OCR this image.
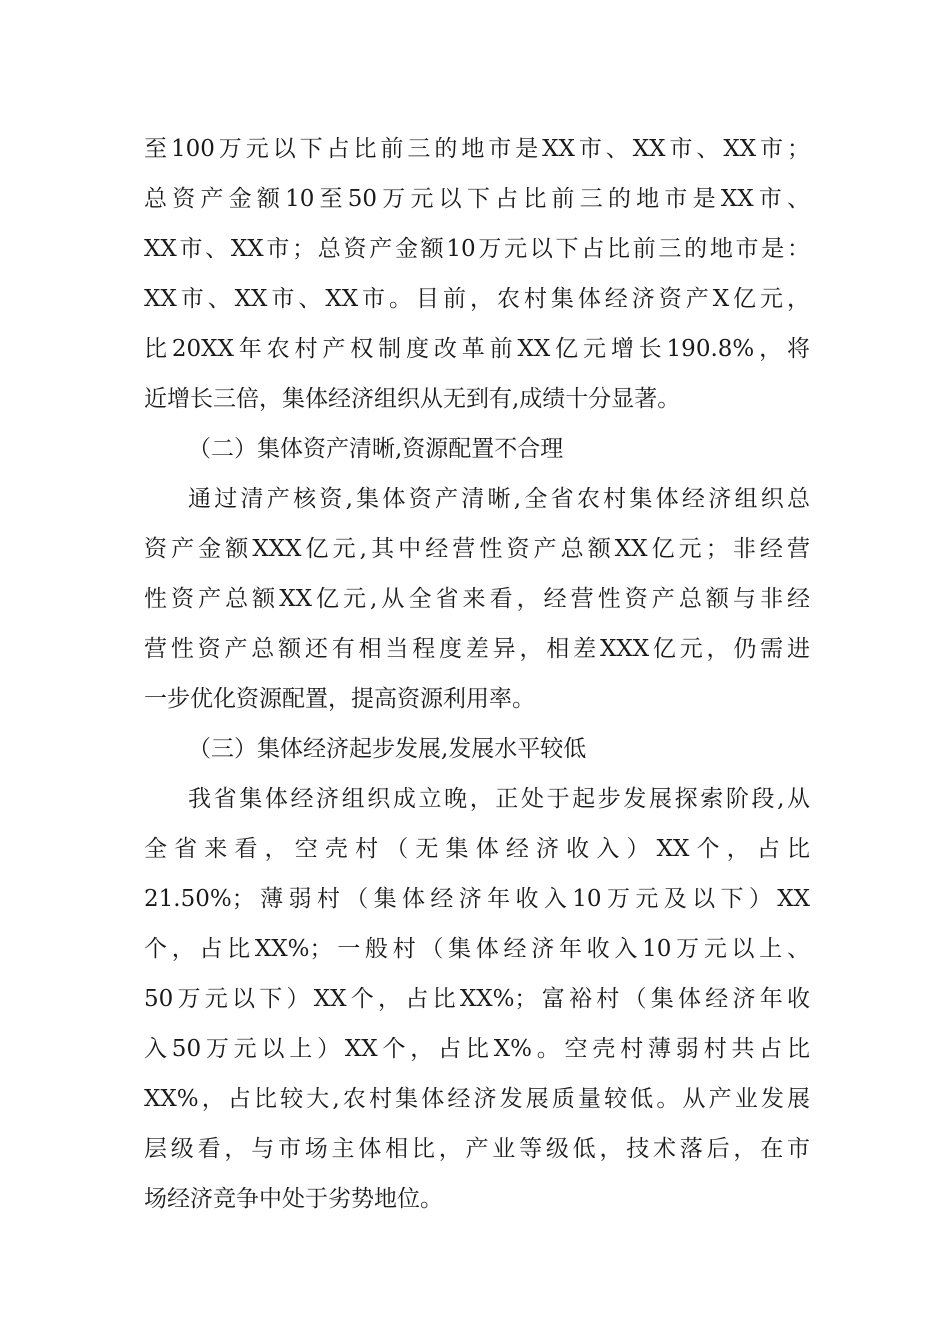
至100万元以下占比前三的地市是XX市、XX市、XX市；
总资产金额10至50万元以下占比前三的地市是XX市、
XX市、XX市；总资产金额10万元以下占比前三的地市是：
XX市、XX市、XX市。目前，农村集体经济资产X亿元，
比20XX年农村产权制度改革前XX亿元增长190.8%，将
近增长三倍，集体经济组织从无到有,成绩十分显著。
（二）集体资产清晰,资源配置不合理
通过清产核资,集体资产清晰,全省农村集体经济组织总
资产金额XXX亿元,其中经营性资产总额XX亿元；非经营
性资产总额XX亿元,从全省来看，经营性资产总额与非经
营性资产总额还有相当程度差异，相差XXX亿元，仍需进
一步优化资源配置，提高资源利用率。
（三）集体经济起步发展,发展水平较低
我省集体经济组织成立晚，正处于起步发展探索阶段,从
全省来看，空壳村（无集体经济收入）XX个，占比
21.50%；薄弱村（集体经济年收入10万元及以下）XX
个，占比XX%；一般村（集体经济年收入10万元以上、
50万元以下）XX个，占比XX%；富裕村（集体经济年收
入50万元以上）XX个，占比X%。空壳村薄弱村共占比
XX%，占比较大,农村集体经济发展质量较低。从产业发展
层级看，与市场主体相比，产业等级低，技术落后，在市
场经济竞争中处于劣势地位。
